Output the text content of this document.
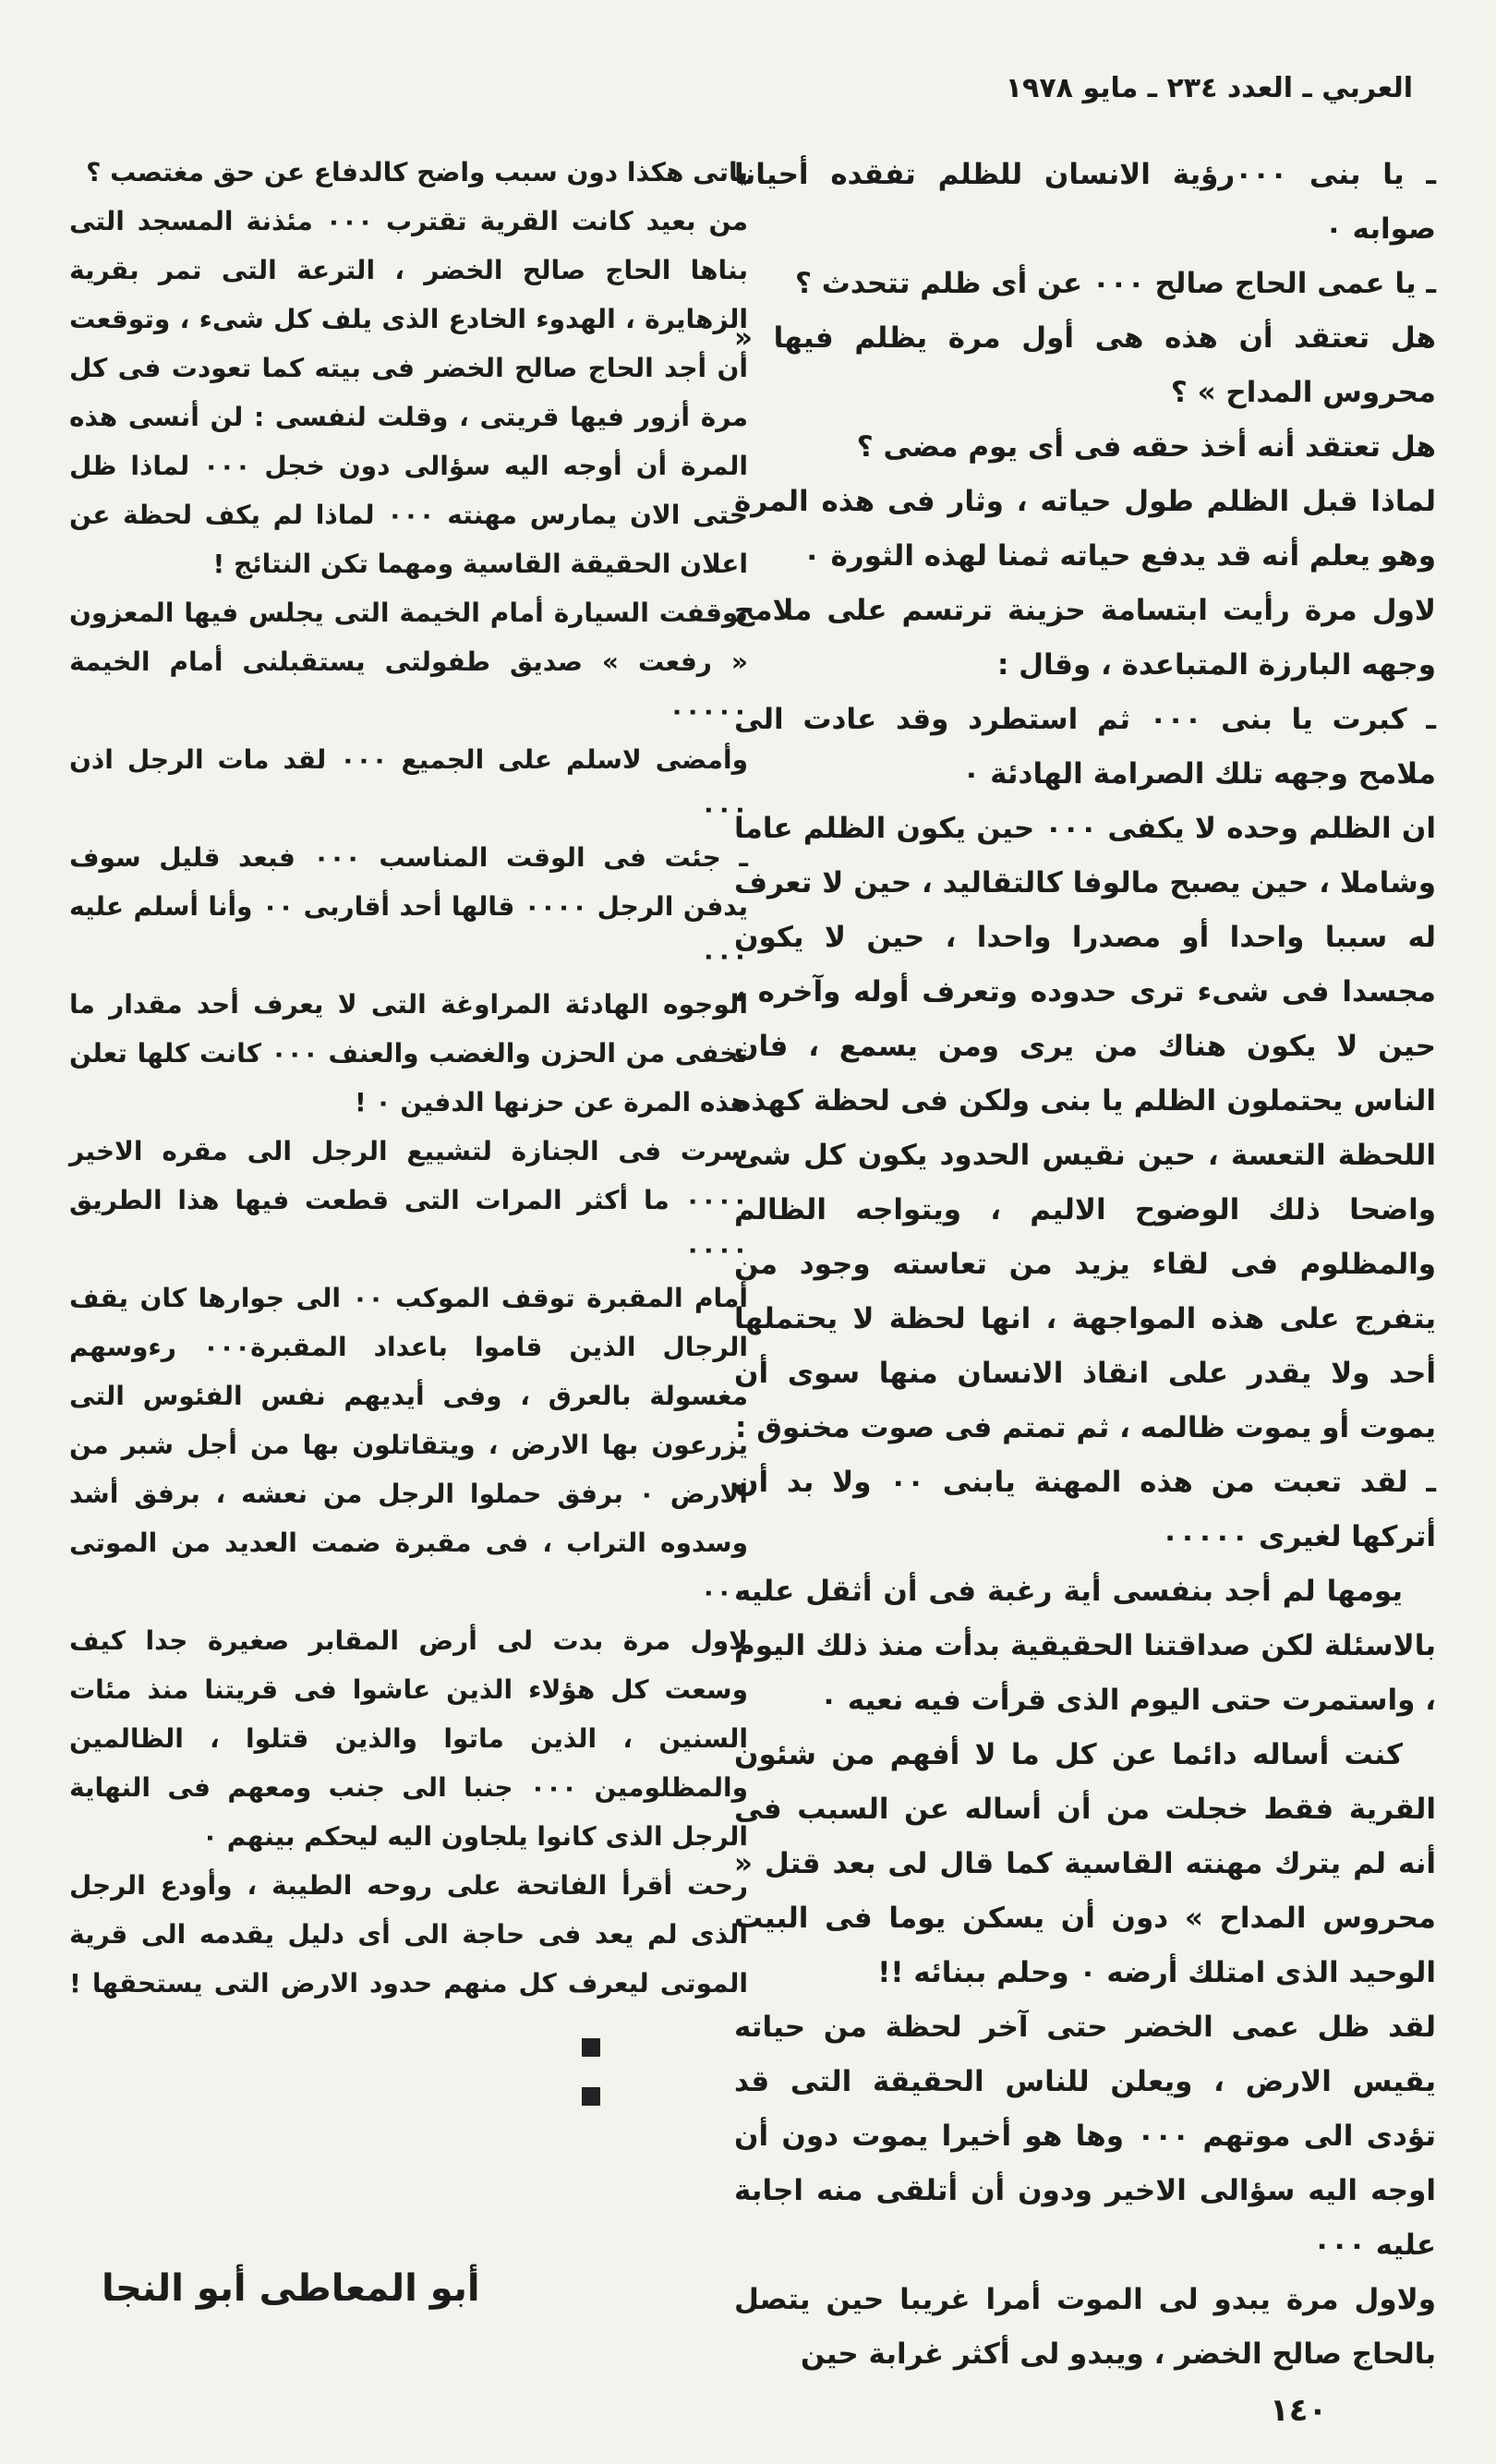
العربي ـ العدد ٢٣٤ ـ مايو ١٩٧٨

ـ يا بنى ٠٠٠رؤية الانسان للظلم تفقده أحيانا صوابه ٠

ـ يا عمى الحاج صالح ٠٠٠ عن أى ظلم تتحدث ؟

هل تعتقد أن هذه هى أول مرة يظلم فيها « محروس المداح » ؟

هل تعتقد أنه أخذ حقه فى أى يوم مضى ؟

لماذا قبل الظلم طول حياته ، وثار فى هذه المرة وهو يعلم أنه قد يدفع حياته ثمنا لهذه الثورة ٠

لاول مرة رأيت ابتسامة حزينة ترتسم على ملامح وجهه البارزة المتباعدة ، وقال :

ـ كبرت يا بنى ٠٠٠ ثم استطرد وقد عادت الى ملامح وجهه تلك الصرامة الهادئة ٠

ان الظلم وحده لا يكفى ٠٠٠ حين يكون الظلم عاما وشاملا ، حين يصبح مالوفا كالتقاليد ، حين لا تعرف له سببا واحدا أو مصدرا واحدا ، حين لا يكون مجسدا فى شىء ترى حدوده وتعرف أوله وآخره ، حين لا يكون هناك من يرى ومن يسمع ، فان الناس يحتملون الظلم يا بنى ولكن فى لحظة كهذه اللحظة التعسة ، حين نقيس الحدود يكون كل شى واضحا ذلك الوضوح الاليم ، ويتواجه الظالم والمظلوم فى لقاء يزيد من تعاسته وجود من يتفرج على هذه المواجهة ، انها لحظة لا يحتملها أحد ولا يقدر على انقاذ الانسان منها سوى أن يموت أو يموت ظالمه ، ثم تمتم فى صوت مخنوق :

ـ لقد تعبت من هذه المهنة يابنى ٠٠ ولا بد أن أتركها لغيرى ٠٠٠٠٠

يومها لم أجد بنفسى أية رغبة فى أن أثقل عليه بالاسئلة لكن صداقتنا الحقيقية بدأت منذ ذلك اليوم ، واستمرت حتى اليوم الذى قرأت فيه نعيه ٠

كنت أساله دائما عن كل ما لا أفهم من شئون القرية فقط خجلت من أن أساله عن السبب فى أنه لم يترك مهنته القاسية كما قال لى بعد قتل « محروس المداح » دون أن يسكن يوما فى البيت الوحيد الذى امتلك أرضه ٠ وحلم ببنائه !!

لقد ظل عمى الخضر حتى آخر لحظة من حياته يقيس الارض ، ويعلن للناس الحقيقة التى قد تؤدى الى موتهم ٠٠٠ وها هو أخيرا يموت دون أن اوجه اليه سؤالى الاخير ودون أن أتلقى منه اجابة عليه ٠٠٠

ولاول مرة يبدو لى الموت أمرا غريبا حين يتصل بالحاج صالح الخضر ، ويبدو لى أكثر غرابة حين

ياتى هكذا دون سبب واضح كالدفاع عن حق مغتصب ؟

من بعيد كانت القرية تقترب ٠٠٠ مئذنة المسجد التى بناها الحاج صالح الخضر ، الترعة التى تمر بقرية الزهايرة ، الهدوء الخادع الذى يلف كل شىء ، وتوقعت أن أجد الحاج صالح الخضر فى بيته كما تعودت فى كل مرة أزور فيها قريتى ، وقلت لنفسى : لن أنسى هذه المرة أن أوجه اليه سؤالى دون خجل ٠٠٠ لماذا ظل حتى الان يمارس مهنته ٠٠٠ لماذا لم يكف لحظة عن اعلان الحقيقة القاسية ومهما تكن النتائج !

توقفت السيارة أمام الخيمة التى يجلس فيها المعزون « رفعت » صديق طفولتى يستقبلنى أمام الخيمة ٠٠٠٠٠

وأمضى لاسلم على الجميع ٠٠٠ لقد مات الرجل اذن ٠٠٠

ـ جئت فى الوقت المناسب ٠٠٠ فبعد قليل سوف يدفن الرجل ٠٠٠٠ قالها أحد أقاربى ٠٠ وأنا أسلم عليه ٠٠٠

الوجوه الهادئة المراوغة التى لا يعرف أحد مقدار ما تخفى من الحزن والغضب والعنف ٠٠٠ كانت كلها تعلن هذه المرة عن حزنها الدفين ٠ !

سرت فى الجنازة لتشييع الرجل الى مقره الاخير ٠٠٠٠ ما أكثر المرات التى قطعت فيها هذا الطريق ٠٠٠٠

أمام المقبرة توقف الموكب ٠٠ الى جوارها كان يقف الرجال الذين قاموا باعداد المقبرة٠٠٠ رءوسهم مغسولة بالعرق ، وفى أيديهم نفس الفئوس التى يزرعون بها الارض ، ويتقاتلون بها من أجل شبر من الارض ٠ برفق حملوا الرجل من نعشه ، برفق أشد وسدوه التراب ، فى مقبرة ضمت العديد من الموتى ٠٠٠

لاول مرة بدت لى أرض المقابر صغيرة جدا كيف وسعت كل هؤلاء الذين عاشوا فى قريتنا منذ مئات السنين ، الذين ماتوا والذين قتلوا ، الظالمين والمظلومين ٠٠٠ جنبا الى جنب ومعهم فى النهاية الرجل الذى كانوا يلجاون اليه ليحكم بينهم ٠

رحت أقرأ الفاتحة على روحه الطيبة ، وأودع الرجل الذى لم يعد فى حاجة الى أى دليل يقدمه الى قرية الموتى ليعرف كل منهم حدود الارض التى يستحقها !

أبو المعاطى أبو النجا
١٤٠
